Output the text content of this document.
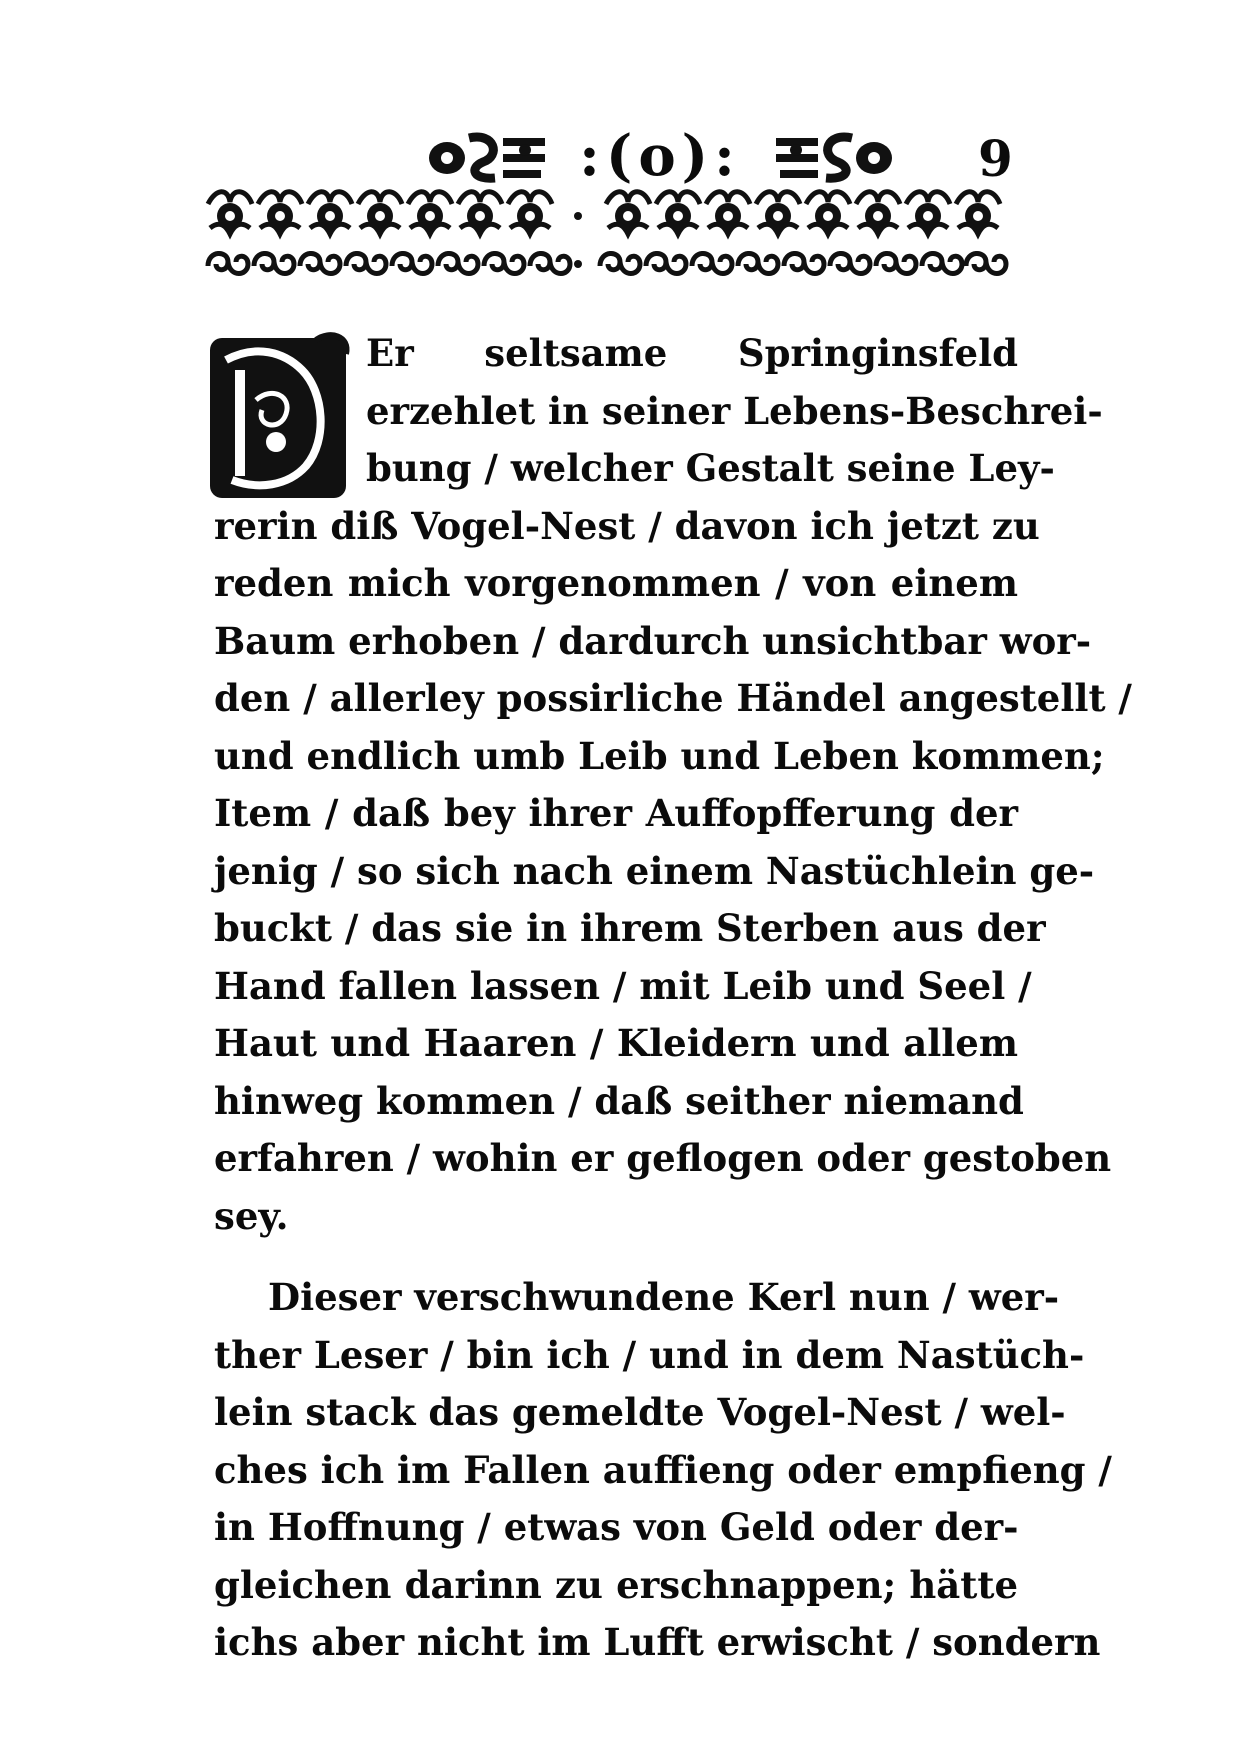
:(o):	9
Er seltsame Springinsfeld
erzehlet in seiner Lebens-Beschrei-
bung / welcher Gestalt seine Ley-
rerin diß Vogel-Nest / davon ich jetzt zu
reden mich vorgenommen / von einem
Baum erhoben / dardurch unsichtbar wor-
den / allerley possirliche Händel angestellt /
und endlich umb Leib und Leben kommen;
Item / daß bey ihrer Auffopfferung der
jenig / so sich nach einem Nastüchlein ge-
buckt / das sie in ihrem Sterben aus der
Hand fallen lassen / mit Leib und Seel /
Haut und Haaren / Kleidern und allem
hinweg kommen / daß seither niemand
erfahren / wohin er geflogen oder gestoben
sey.
Dieser verschwundene Kerl nun / wer-
ther Leser / bin ich / und in dem Nastüch-
lein stack das gemeldte Vogel-Nest / wel-
ches ich im Fallen auffieng oder empfieng /
in Hoffnung / etwas von Geld oder der-
gleichen darinn zu erschnappen; hätte
ichs aber nicht im Lufft erwischt / sondern
